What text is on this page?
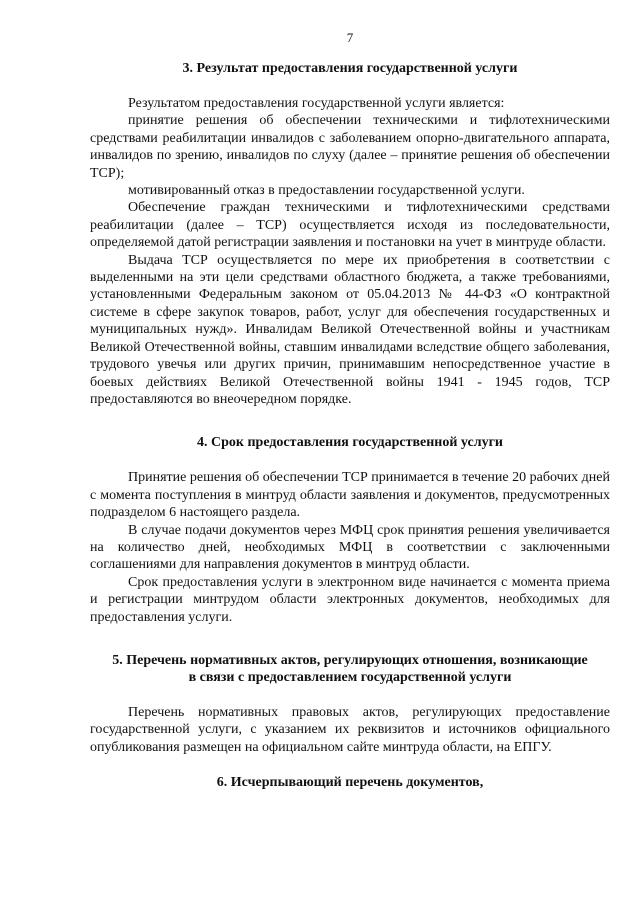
7
3. Результат предоставления государственной услуги

Результатом предоставления государственной услуги является:

принятие решения об обеспечении техническими и тифлотехническими средствами реабилитации инвалидов с заболеванием опорно-двигательного аппарата, инвалидов по зрению, инвалидов по слуху (далее – принятие решения об обеспечении ТСР);

мотивированный отказ в предоставлении государственной услуги.

Обеспечение граждан техническими и тифлотехническими средствами реабилитации (далее – ТСР) осуществляется исходя из последовательности, определяемой датой регистрации заявления и постановки на учет в минтруде области.

Выдача ТСР осуществляется по мере их приобретения в соответствии с выделенными на эти цели средствами областного бюджета, а также требованиями, установленными Федеральным законом от 05.04.2013 № 44-ФЗ «О контрактной системе в сфере закупок товаров, работ, услуг для обеспечения государственных и муниципальных нужд». Инвалидам Великой Отечественной войны и участникам Великой Отечественной войны, ставшим инвалидами вследствие общего заболевания, трудового увечья или других причин, принимавшим непосредственное участие в боевых действиях Великой Отечественной войны 1941 - 1945 годов, ТСР предоставляются во внеочередном порядке.

4. Срок предоставления государственной услуги

Принятие решения об обеспечении ТСР принимается в течение 20 рабочих дней с момента поступления в минтруд области заявления и документов, предусмотренных подразделом 6 настоящего раздела.

В случае подачи документов через МФЦ срок принятия решения увеличивается на количество дней, необходимых МФЦ в соответствии с заключенными соглашениями для направления документов в минтруд области.

Срок предоставления услуги в электронном виде начинается с момента приема и регистрации минтрудом области электронных документов, необходимых для предоставления услуги.

5. Перечень нормативных актов, регулирующих отношения, возникающие
в связи с предоставлением государственной услуги

Перечень нормативных правовых актов, регулирующих предоставление государственной услуги, с указанием их реквизитов и источников официального опубликования размещен на официальном сайте минтруда области, на ЕПГУ.

6. Исчерпывающий перечень документов,
